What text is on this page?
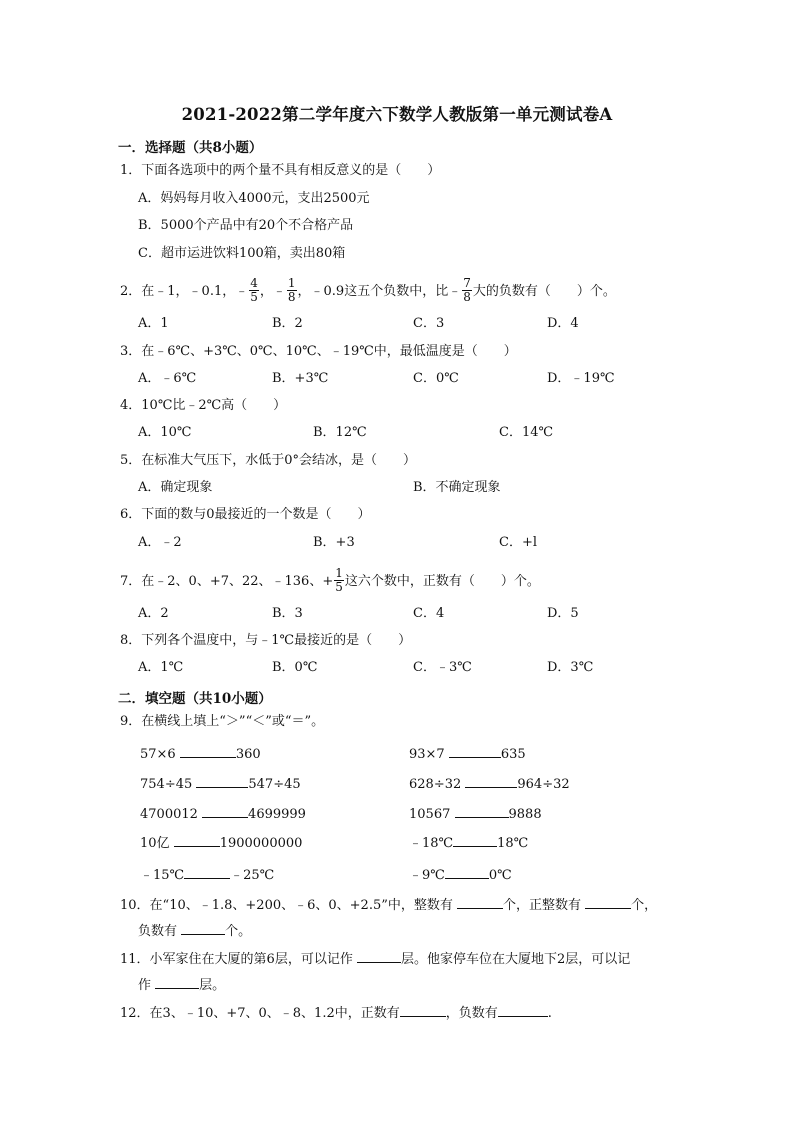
2021-2022第二学年度六下数学人教版第一单元测试卷A
一．选择题（共8小题）
1．下面各选项中的两个量不具有相反意义的是（　　）
A．妈妈每月收入4000元，支出2500元
B．5000个产品中有20个不合格产品
C．超市运进饮料100箱，卖出80箱
2．在﹣1，﹣0.1，﹣ $\frac{4}{5}$ ，﹣ $\frac{1}{8}$ ，﹣0.9这五个负数中，比﹣ $\frac{7}{8}$ 大的负数有（　　）个。
A．1	B．2	C．3	D．4
3．在﹣6℃、+3℃、0℃、10℃、﹣19℃中，最低温度是（　　）
A．﹣6℃	B．+3℃	C．0℃	D．﹣19℃
4．10℃比﹣2℃高（　　）
A．10℃	B．12℃	C．14℃
5．在标准大气压下，水低于0°会结冰，是（　　）
A．确定现象	B．不确定现象
6．下面的数与0最接近的一个数是（　　）
A．﹣2	B．+3	C．+l
7．在﹣2、0、+7、22、﹣136、+ $\frac{1}{5}$ 这六个数中，正数有（　　）个。
A．2	B．3	C．4	D．5
8．下列各个温度中，与﹣1℃最接近的是（　　）
A．1℃	B．0℃	C．﹣3℃	D．3℃
二．填空题（共10小题）
9．在横线上填上“＞”“＜”或“＝”。
57×6	360	93×7	635
754÷45	547÷45	628÷32	964÷32
4700012	4699999	10567	9888
10亿	1900000000	﹣18℃	18℃
﹣15℃	﹣25℃	﹣9℃	0℃
10．在“10、﹣1.8、+200、﹣6、0、+2.5”中，整数有	个，正整数有	个，
负数有	个。
11．小军家住在大厦的第6层，可以记作	层。他家停车位在大厦地下2层，可以记
作	层。
12．在3、﹣10、+7、0、﹣8、1.2中，正数有	，负数有	.
